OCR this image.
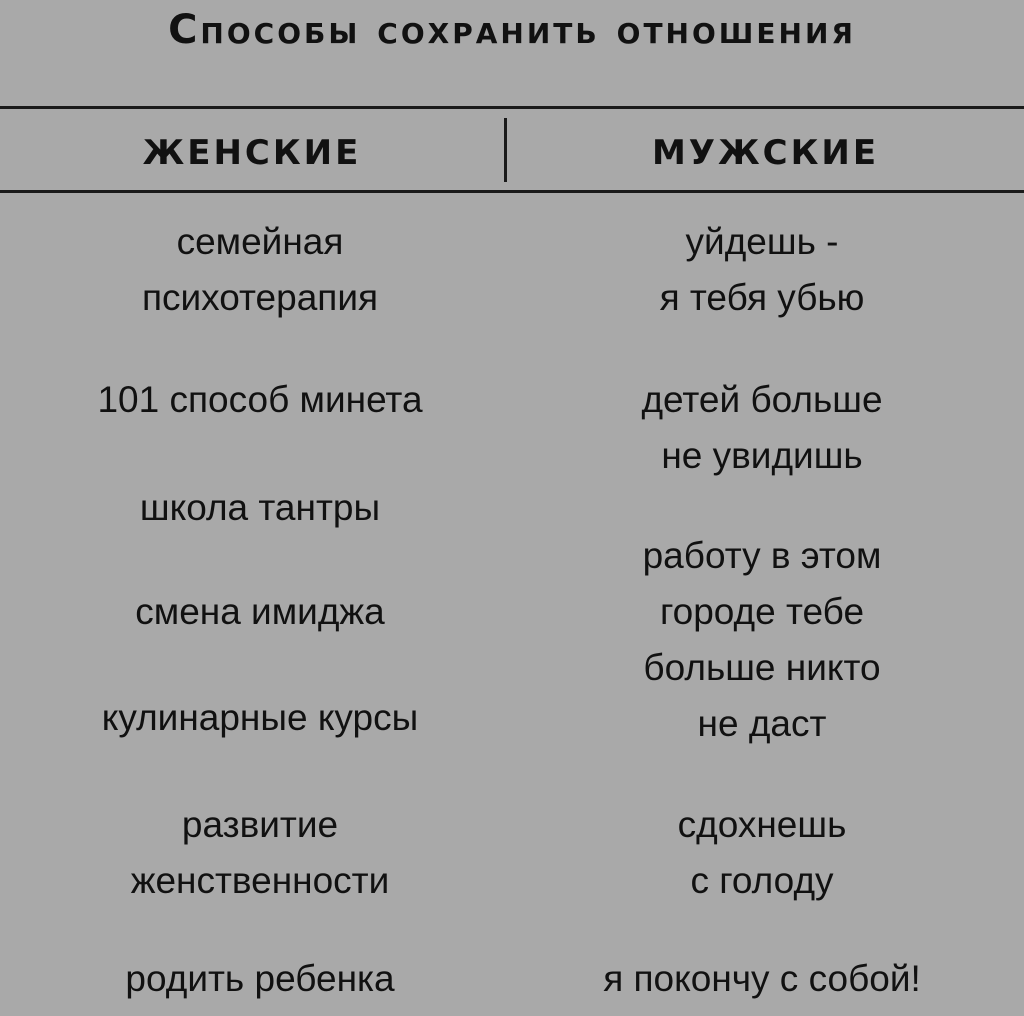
Способы сохранить отношения
ЖЕНСКИЕ	МУЖСКИЕ
семейная
психотерапия
101 способ минета
школа тантры
смена имиджа
кулинарные курсы
развитие
женственности
родить ребенка
уйдешь -
я тебя убью
детей больше
не увидишь
работу в этом
городе тебе
больше никто
не даст
сдохнешь
с голоду
я покончу с собой!
